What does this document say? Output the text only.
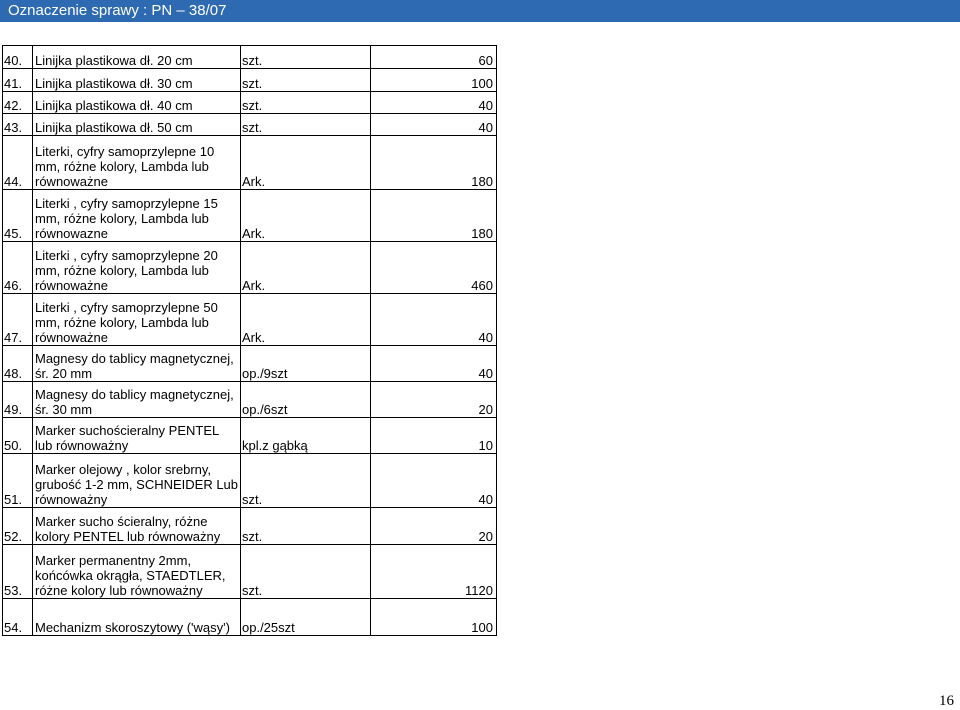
Oznaczenie sprawy : PN – 38/07
40.	Linijka plastikowa dł. 20 cm	szt.	60
41.	Linijka plastikowa dł. 30 cm	szt.	100
42.	Linijka plastikowa dł. 40 cm	szt.	40
43.	Linijka plastikowa dł. 50 cm	szt.	40
44.	Literki, cyfry samoprzylepne 10 mm, różne kolory, Lambda lub równoważne	Ark.	180
45.	Literki , cyfry samoprzylepne 15 mm, różne kolory, Lambda lub równowazne	Ark.	180
46.	Literki , cyfry samoprzylepne 20 mm, różne kolory, Lambda lub równoważne	Ark.	460
47.	Literki , cyfry samoprzylepne 50 mm, różne kolory, Lambda lub równoważne	Ark.	40
48.	Magnesy do tablicy magnetycznej, śr. 20 mm	op./9szt	40
49.	Magnesy do tablicy magnetycznej, śr. 30 mm	op./6szt	20
50.	Marker suchościeralny PENTEL lub równoważny	kpl.z gąbką	10
51.	Marker olejowy , kolor srebrny, grubość 1-2 mm, SCHNEIDER Lub równoważny	szt.	40
52.	Marker sucho ścieralny, różne kolory PENTEL lub równoważny	szt.	20
53.	Marker permanentny 2mm, końcówka okrągła, STAEDTLER, różne kolory lub równoważny	szt.	1120
54.	Mechanizm skoroszytowy ('wąsy')	op./25szt	100
16
